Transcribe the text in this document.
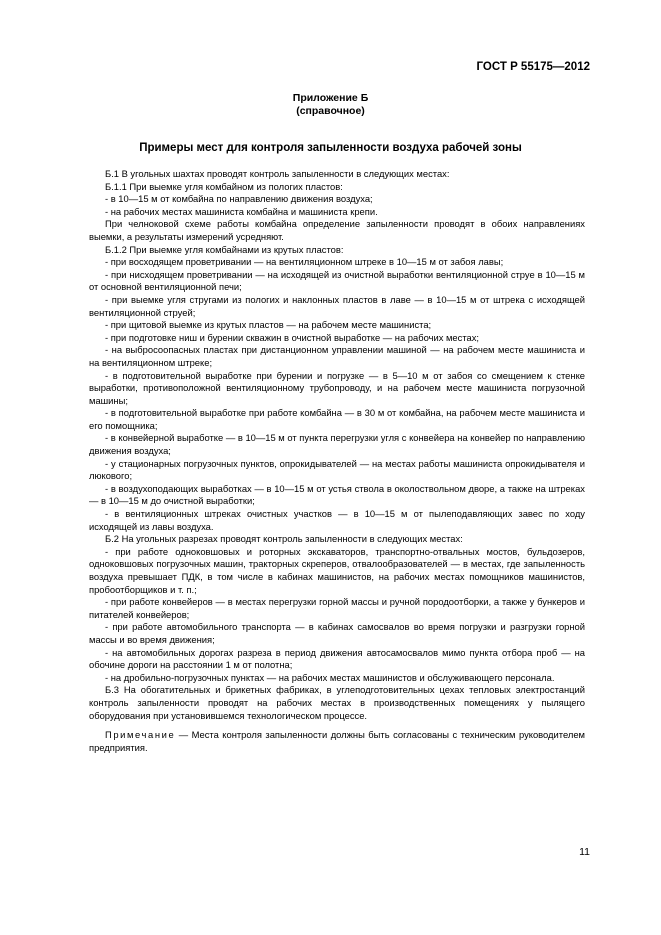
ГОСТ Р 55175—2012
Приложение Б
(справочное)
Примеры мест для контроля запыленности воздуха рабочей зоны

Б.1 В угольных шахтах проводят контроль запыленности в следующих местах:

Б.1.1 При выемке угля комбайном из пологих пластов:

- в 10—15 м от комбайна по направлению движения воздуха;

- на рабочих местах машиниста комбайна и машиниста крепи.

При челноковой схеме работы комбайна определение запыленности проводят в обоих направлениях выемки, а результаты измерений усредняют.

Б.1.2 При выемке угля комбайнами из крутых пластов:

- при восходящем проветривании — на вентиляционном штреке в 10—15 м от забоя лавы;

- при нисходящем проветривании — на исходящей из очистной выработки вентиляционной струе в 10—15 м от основной вентиляционной печи;

- при выемке угля стругами из пологих и наклонных пластов в лаве — в 10—15 м от штрека с исходящей вентиляционной струей;

- при щитовой выемке из крутых пластов — на рабочем месте машиниста;

- при подготовке ниш и бурении скважин в очистной выработке — на рабочих местах;

- на выбросоопасных пластах при дистанционном управлении машиной — на рабочем месте машиниста и на вентиляционном штреке;

- в подготовительной выработке при бурении и погрузке — в 5—10 м от забоя со смещением к стенке выработки, противоположной вентиляционному трубопроводу, и на рабочем месте машиниста погрузочной машины;

- в подготовительной выработке при работе комбайна — в 30 м от комбайна, на рабочем месте машиниста и его помощника;

- в конвейерной выработке — в 10—15 м от пункта перегрузки угля с конвейера на конвейер по направлению движения воздуха;

- у стационарных погрузочных пунктов, опрокидывателей — на местах работы машиниста опрокидывателя и люкового;

- в воздухоподающих выработках — в 10—15 м от устья ствола в околоствольном дворе, а также на штреках — в 10—15 м до очистной выработки;

- в вентиляционных штреках очистных участков — в 10—15 м от пылеподавляющих завес по ходу исходящей из лавы воздуха.

Б.2 На угольных разрезах проводят контроль запыленности в следующих местах:

- при работе одноковшовых и роторных экскаваторов, транспортно-отвальных мостов, бульдозеров, одноковшовых погрузочных машин, тракторных скреперов, отвалообразователей — в местах, где запыленность воздуха превышает ПДК, в том числе в кабинах машинистов, на рабочих местах помощников машинистов, пробоотборщиков и т. п.;

- при работе конвейеров — в местах перегрузки горной массы и ручной породоотборки, а также у бункеров и питателей конвейеров;

- при работе автомобильного транспорта — в кабинах самосвалов во время погрузки и разгрузки горной массы и во время движения;

- на автомобильных дорогах разреза в период движения автосамосвалов мимо пункта отбора проб — на обочине дороги на расстоянии 1 м от полотна;

- на дробильно-погрузочных пунктах — на рабочих местах машинистов и обслуживающего персонала.

Б.3 На обогатительных и брикетных фабриках, в углеподготовительных цехах тепловых электростанций контроль запыленности проводят на рабочих местах в производственных помещениях у пылящего оборудования при установившемся технологическом процессе.

Примечание — Места контроля запыленности должны быть согласованы с техническим руководителем предприятия.

11
